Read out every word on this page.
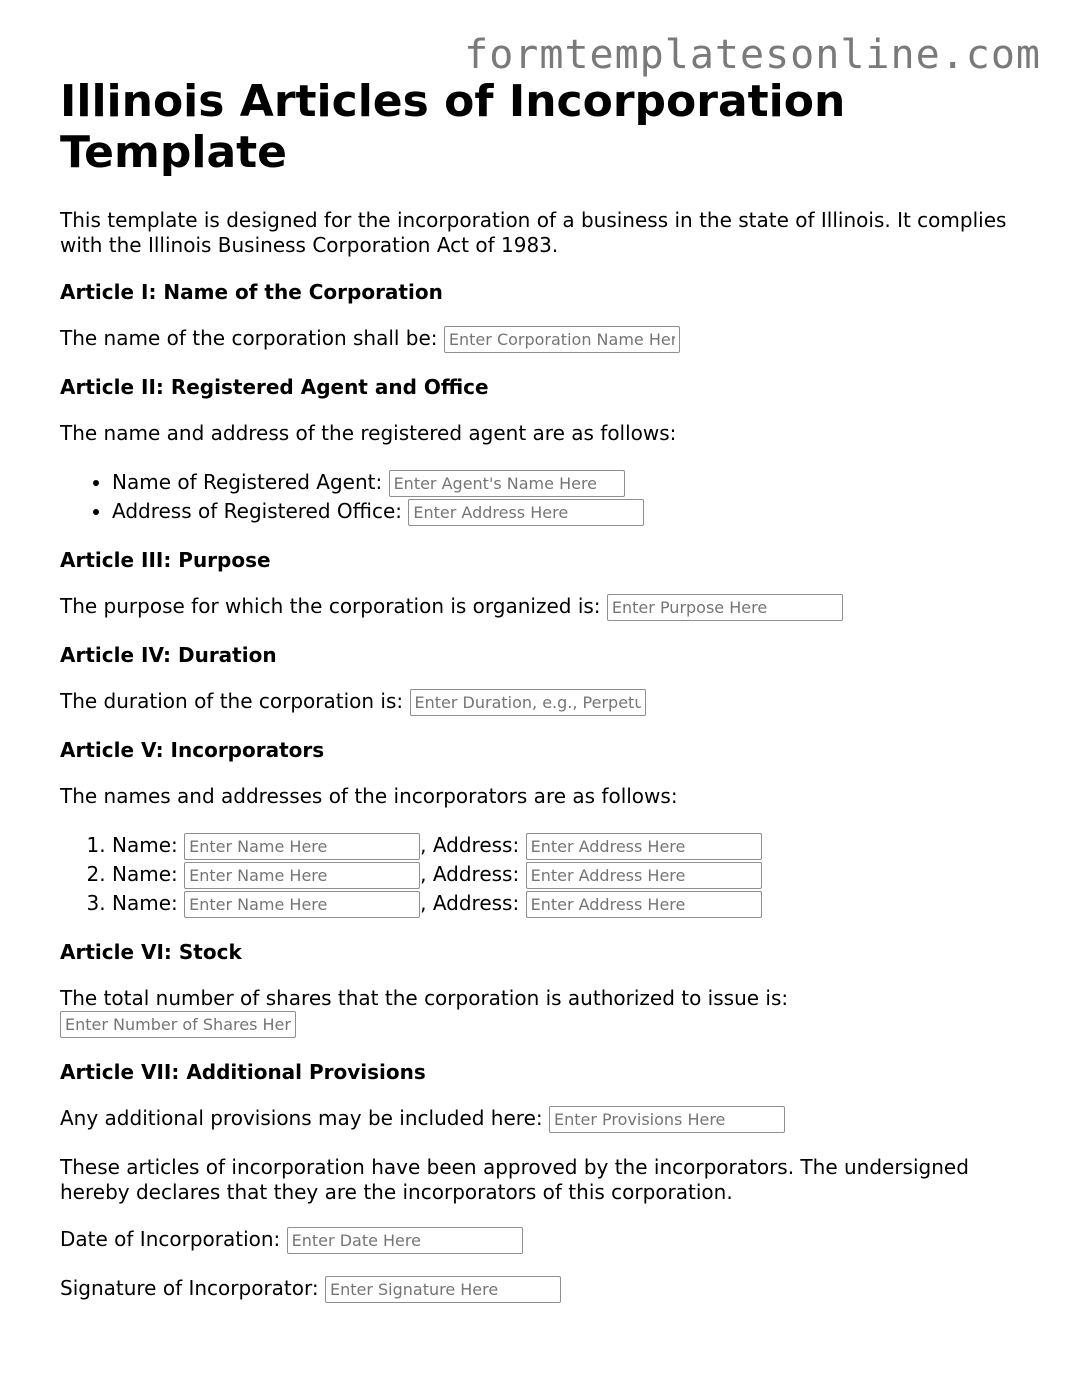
formtemplatesonline.com
Illinois Articles of Incorporation Template

This template is designed for the incorporation of a business in the state of Illinois. It complies with the Illinois Business Corporation Act of 1983.

Article I: Name of the Corporation

The name of the corporation shall be: Enter Corporation Name Here

Article II: Registered Agent and Office

The name and address of the registered agent are as follows:

• Name of Registered Agent: Enter Agent's Name Here
• Address of Registered Office: Enter Address Here
Article III: Purpose

The purpose for which the corporation is organized is: Enter Purpose Here

Article IV: Duration

The duration of the corporation is: Enter Duration, e.g., Perpetual

Article V: Incorporators

The names and addresses of the incorporators are as follows:

1. Name: Enter Name Here	, Address: Enter Address Here
2. Name: Enter Name Here	, Address: Enter Address Here
3. Name: Enter Name Here	, Address: Enter Address Here
Article VI: Stock

The total number of shares that the corporation is authorized to issue is:
Enter Number of Shares Here

Article VII: Additional Provisions

Any additional provisions may be included here: Enter Provisions Here

These articles of incorporation have been approved by the incorporators. The undersigned hereby declares that they are the incorporators of this corporation.

Date of Incorporation: Enter Date Here

Signature of Incorporator: Enter Signature Here
